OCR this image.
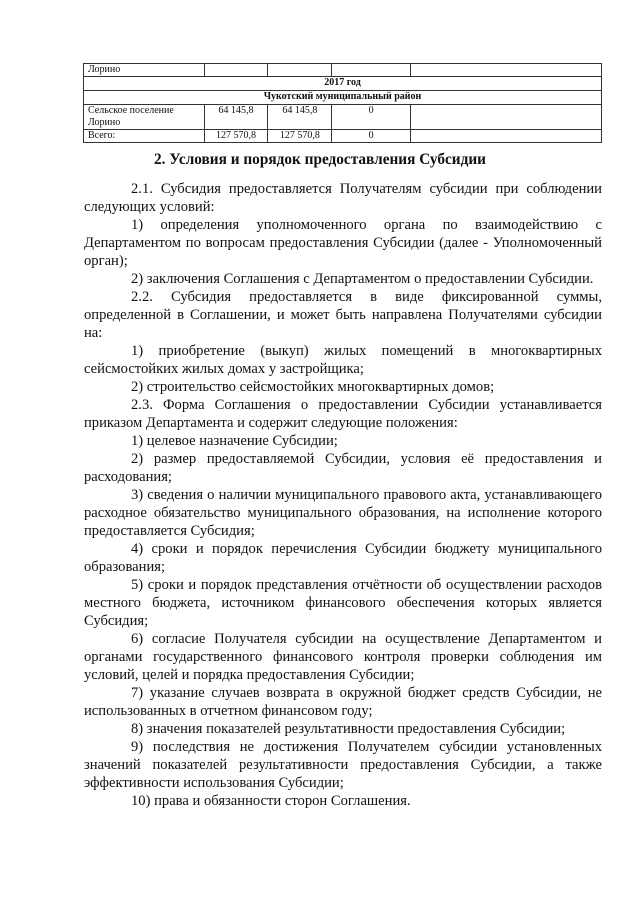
Лорино				
2017 год				
Чукотский муниципальный район				
Сельское поселение Лорино	64 145,8	64 145,8	0	
Всего:	127 570,8	127 570,8	0	
2. Условия и порядок предоставления Субсидии

2.1. Субсидия предоставляется Получателям субсидии при соблюдении следующих условий:

1) определения уполномоченного органа по взаимодействию с Департаментом по вопросам предоставления Субсидии (далее - Уполномоченный орган);

2) заключения Соглашения с Департаментом о предоставлении Субсидии.

2.2. Субсидия предоставляется в виде фиксированной суммы, определенной в Соглашении, и может быть направлена Получателями субсидии на:

1) приобретение (выкуп) жилых помещений в многоквартирных сейсмостойких жилых домах у застройщика;

2) строительство сейсмостойких многоквартирных домов;

2.3. Форма Соглашения о предоставлении Субсидии устанавливается приказом Департамента и содержит следующие положения:

1) целевое назначение Субсидии;

2) размер предоставляемой Субсидии, условия её предоставления и расходования;

3) сведения о наличии муниципального правового акта, устанавливающего расходное обязательство муниципального образования, на исполнение которого предоставляется Субсидия;

4) сроки и порядок перечисления Субсидии бюджету муниципального образования;

5) сроки и порядок представления отчётности об осуществлении расходов местного бюджета, источником финансового обеспечения которых является Субсидия;

6) согласие Получателя субсидии на осуществление Департаментом и органами государственного финансового контроля проверки соблюдения им условий, целей и порядка предоставления Субсидии;

7) указание случаев возврата в окружной бюджет средств Субсидии, не использованных в отчетном финансовом году;

8) значения показателей результативности предоставления Субсидии;

9) последствия не достижения Получателем субсидии установленных значений показателей результативности предоставления Субсидии, а также эффективности использования Субсидии;

10) права и обязанности сторон Соглашения.
